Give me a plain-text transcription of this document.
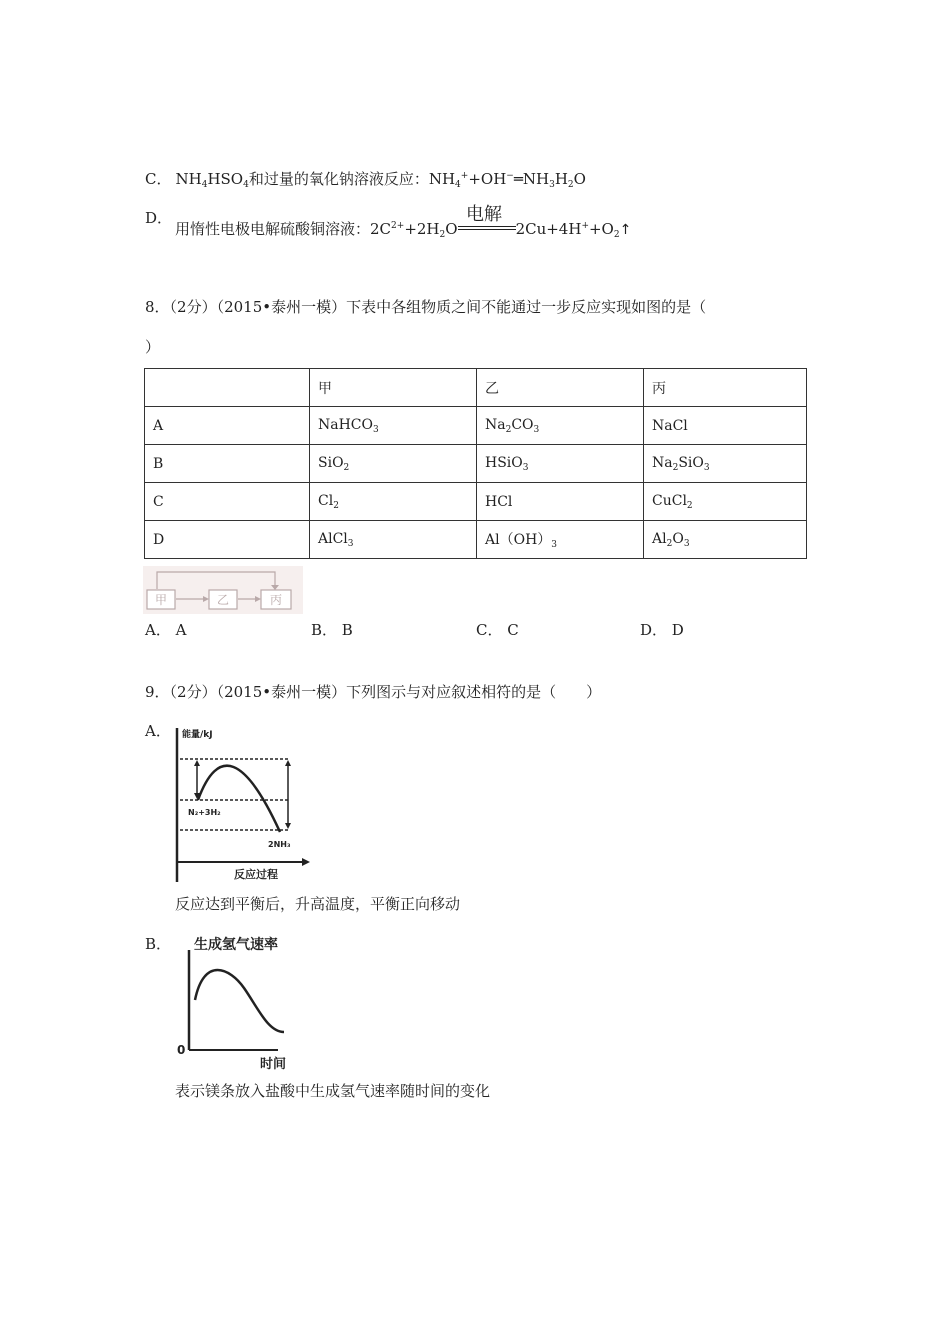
C． $NH_4HSO_4$和过量的氧化钠溶液反应：$NH_4^++OH^-═NH_3H_2O$
D．
用惰性电极电解硫酸铜溶液：$2C^{2+}+2H_2O$	$2Cu+4H^++O_2↑$
电解
8．（2分）（2015•泰州一模）下表中各组物质之间不能通过一步反应实现如图的是（
）
	甲	乙	丙
A	NaHCO$_3$	$Na_2CO_3$	NaCl
B	SiO$_2$	HSiO$_3$	$Na_2SiO_3$
C	$Cl_2$	HCl	CuCl$_2$
D	AlCl$_3$	$Al(OH)_3$	$Al_2O_3$
甲	乙	丙
A． A	B． B	C． C	D． D
9．（2分）（2015•泰州一模）下列图示与对应叙述相符的是（　　）
A． 能量/kJ
N₂+3H₂
2NH₃
反应过程
反应达到平衡后，升高温度，平衡正向移动
B． 生成氢气速率
0
时间
表示镁条放入盐酸中生成氢气速率随时间的变化
